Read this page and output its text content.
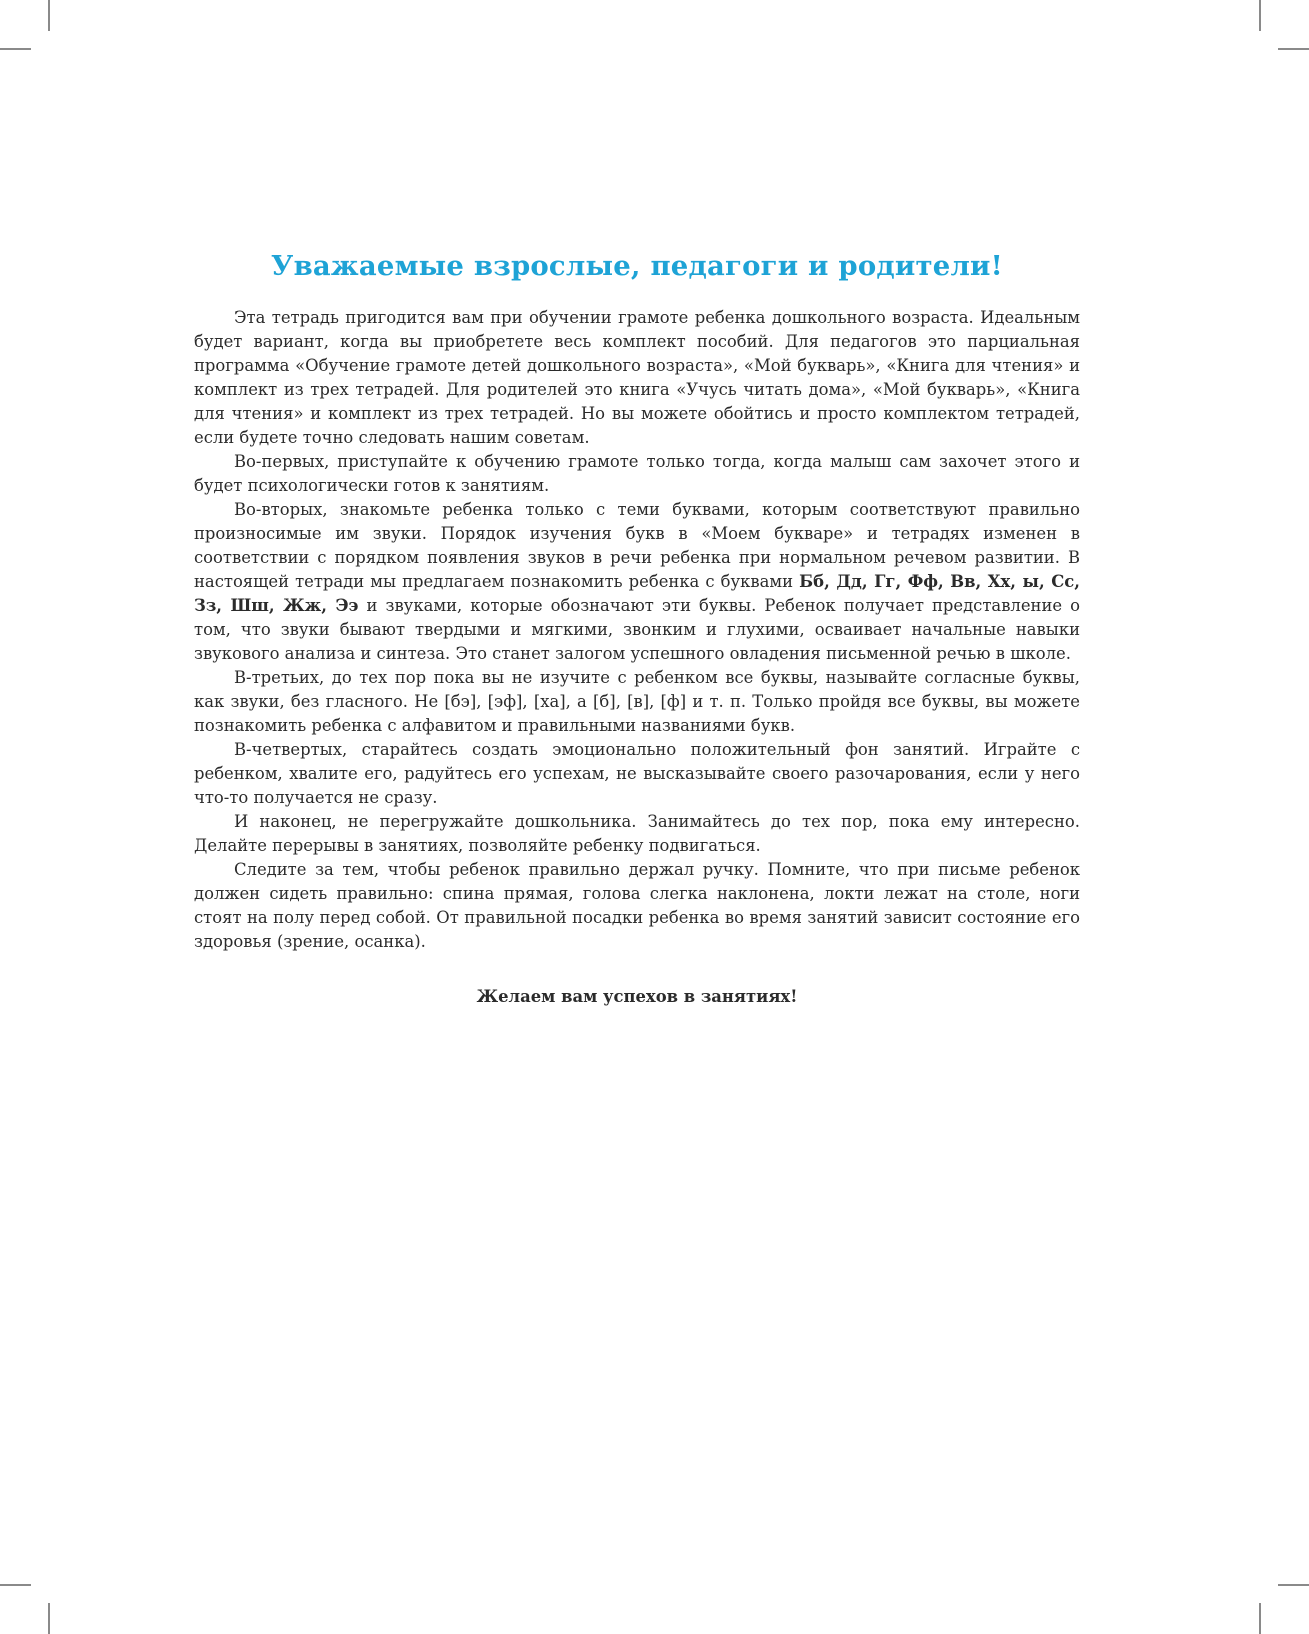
Уважаемые взрослые, педагоги и родители!

Эта тетрадь пригодится вам при обучении грамоте ребенка дошкольного возраста. Идеальным будет вариант, когда вы приобретете весь комплект пособий. Для педагогов это парциальная программа «Обучение грамоте детей дошкольного возраста», «Мой букварь», «Книга для чтения» и комплект из трех тетрадей. Для родителей это книга «Учусь читать дома», «Мой букварь», «Книга для чтения» и комплект из трех тетрадей. Но вы можете обойтись и просто комплектом тетрадей, если будете точно следовать нашим советам.

Во-первых, приступайте к обучению грамоте только тогда, когда малыш сам захочет этого и будет психологически готов к занятиям.

Во-вторых, знакомьте ребенка только с теми буквами, которым соответствуют правильно произносимые им звуки. Порядок изучения букв в «Моем букваре» и тетрадях изменен в соответствии с порядком появления звуков в речи ребенка при нормальном речевом развитии. В настоящей тетради мы предлагаем познакомить ребенка с буквами Бб, Дд, Гг, Фф, Вв, Хх, ы, Сс, Зз, Шш, Жж, Ээ и звуками, которые обозначают эти буквы. Ребенок получает представление о том, что звуки бывают твердыми и мягкими, звонким и глухими, осваивает начальные навыки звукового анализа и синтеза. Это станет залогом успешного овладения письменной речью в школе.

В-третьих, до тех пор пока вы не изучите с ребенком все буквы, называйте согласные буквы, как звуки, без гласного. Не [бэ], [эф], [ха], а [б], [в], [ф] и т. п. Только пройдя все буквы, вы можете познакомить ребенка с алфавитом и правильными названиями букв.

В-четвертых, старайтесь создать эмоционально положительный фон занятий. Играйте с ребенком, хвалите его, радуйтесь его успехам, не высказывайте своего разочарования, если у него что-то получается не сразу.

И наконец, не перегружайте дошкольника. Занимайтесь до тех пор, пока ему интересно. Делайте перерывы в занятиях, позволяйте ребенку подвигаться.

Следите за тем, чтобы ребенок правильно держал ручку. Помните, что при письме ребенок должен сидеть правильно: спина прямая, голова слегка наклонена, локти лежат на столе, ноги стоят на полу перед собой. От правильной посадки ребенка во время занятий зависит состояние его здоровья (зрение, осанка).

Желаем вам успехов в занятиях!
